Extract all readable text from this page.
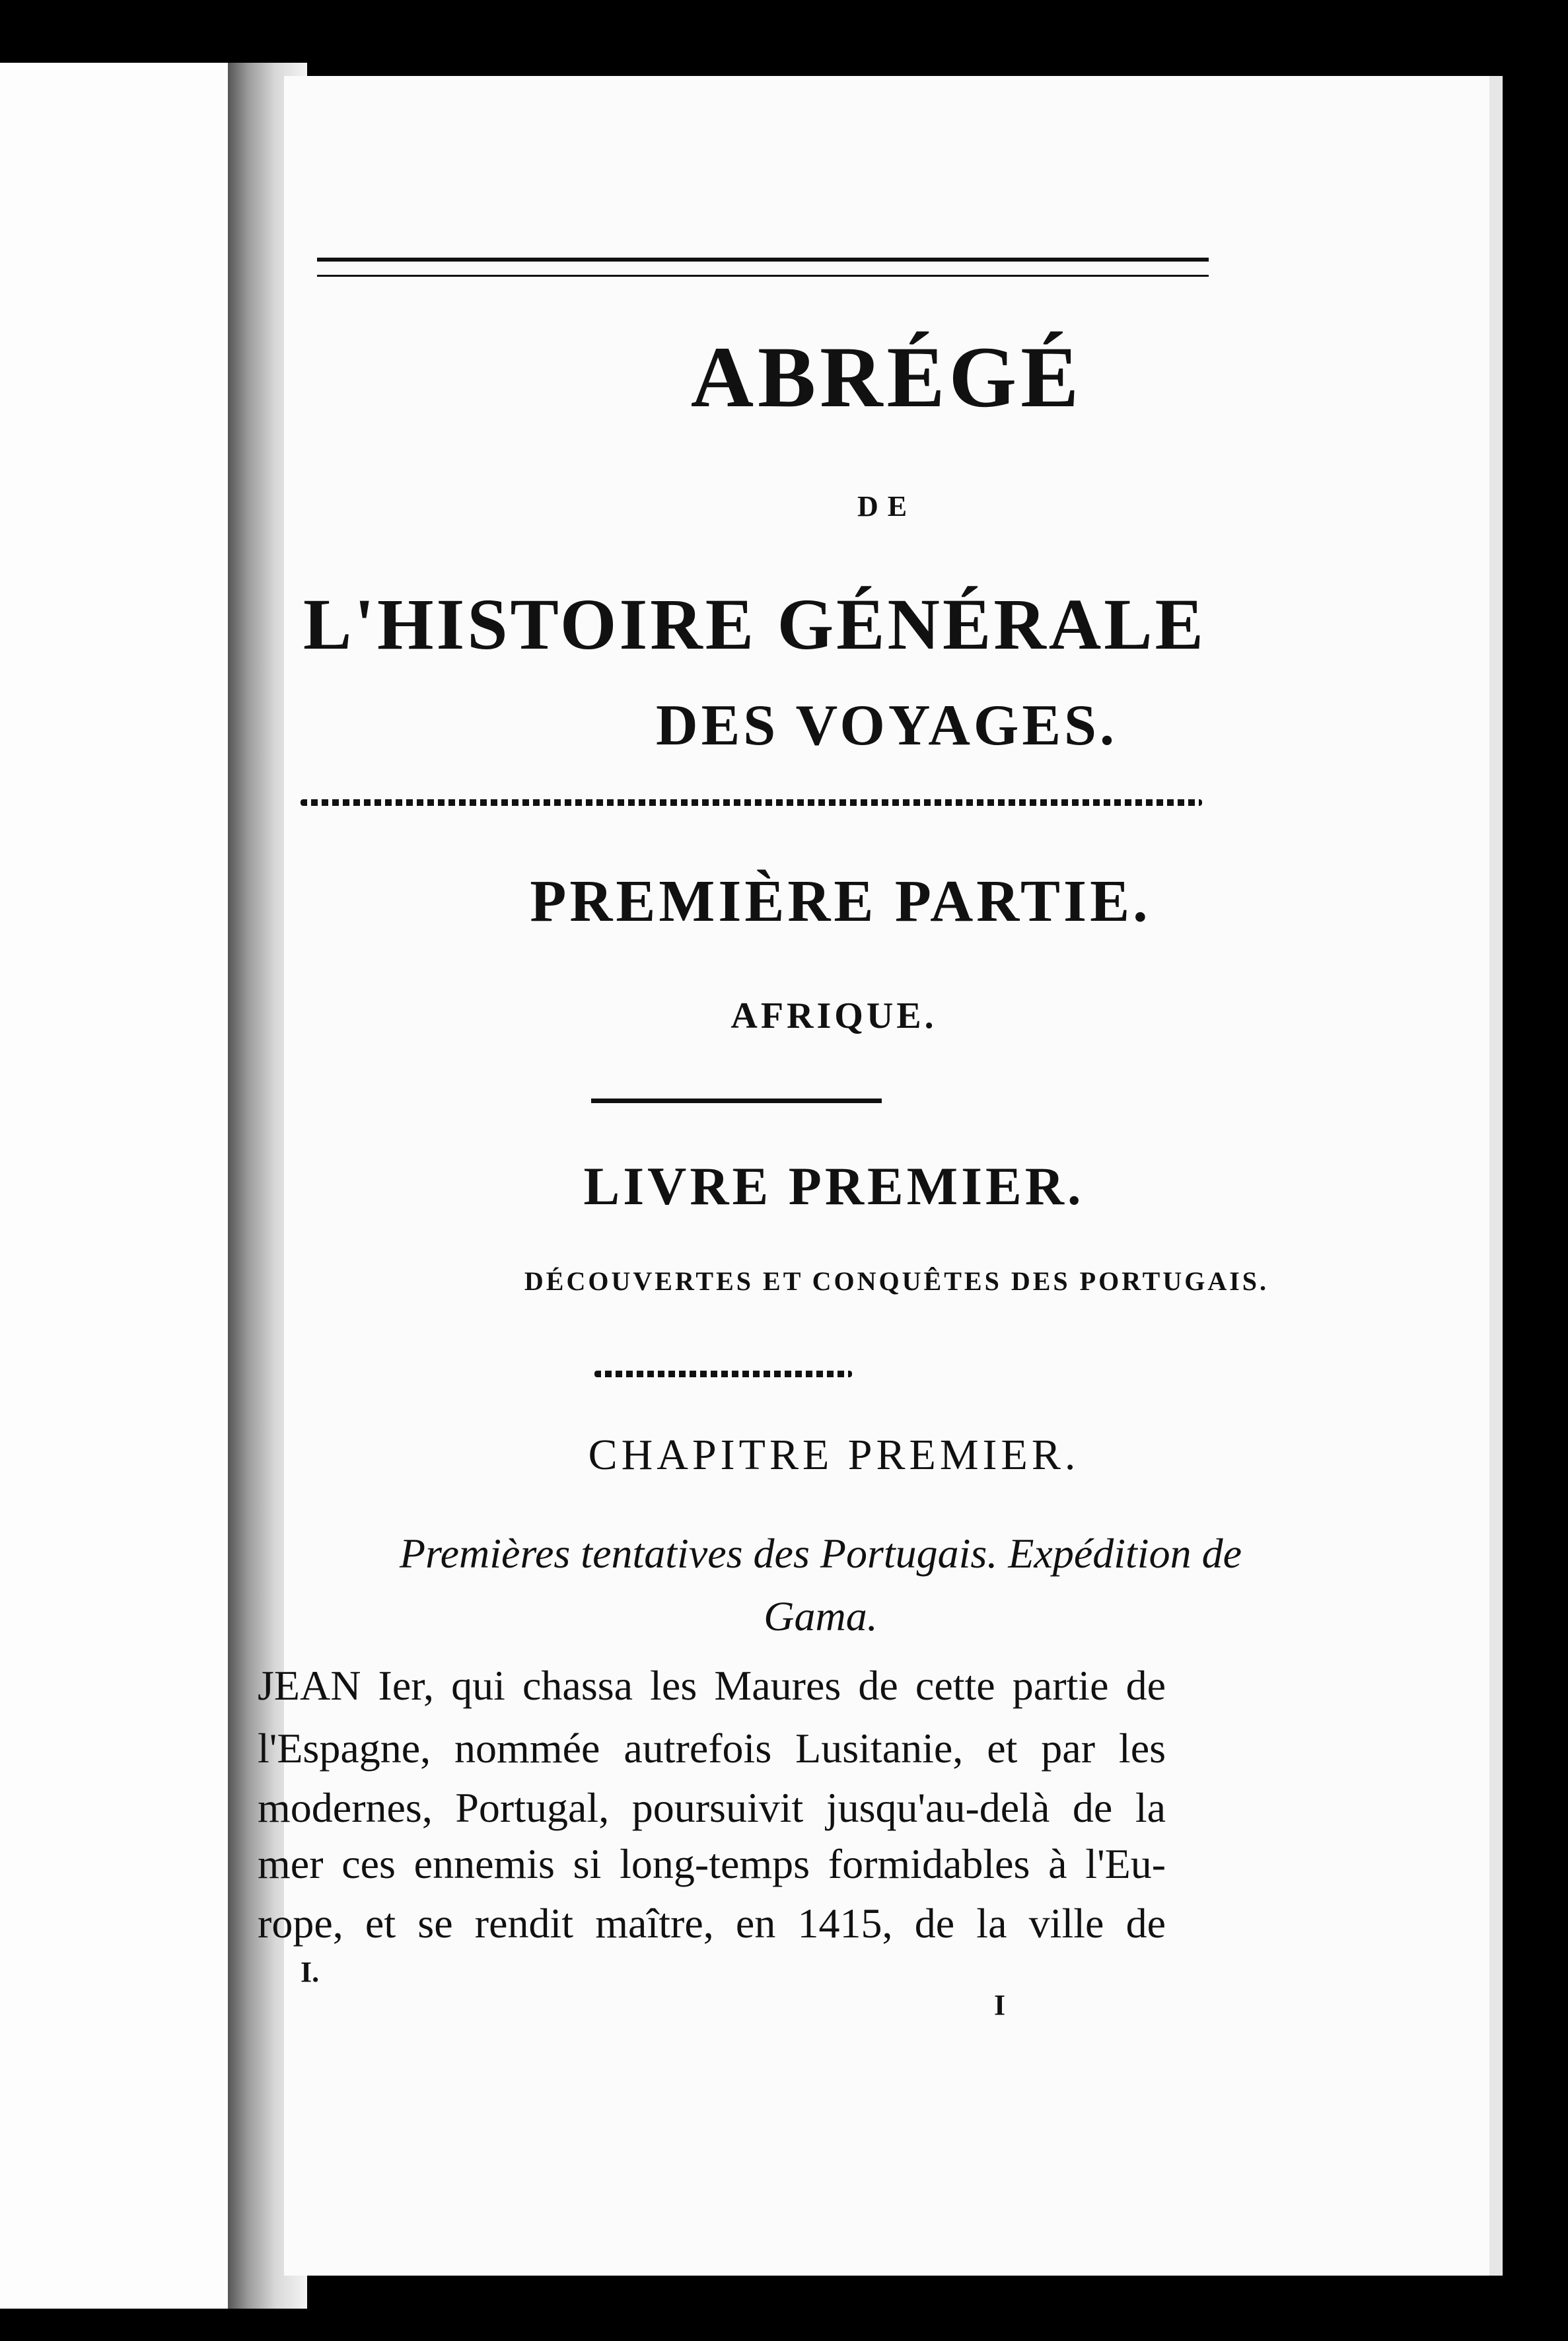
ABRÉGÉ
DE
L'HISTOIRE GÉNÉRALE
DES VOYAGES.
PREMIÈRE PARTIE.
AFRIQUE.
LIVRE PREMIER.
DÉCOUVERTES ET CONQUÊTES DES PORTUGAIS.
CHAPITRE PREMIER.
Premières tentatives des Portugais. Expédition de
Gama.
JEAN Ier, qui chassa les Maures de cette partie de
l'Espagne, nommée autrefois Lusitanie, et par les
modernes, Portugal, poursuivit jusqu'au-delà de la
mer ces ennemis si long-temps formidables à l'Eu-
rope, et se rendit maître, en 1415, de la ville de
I.
I
